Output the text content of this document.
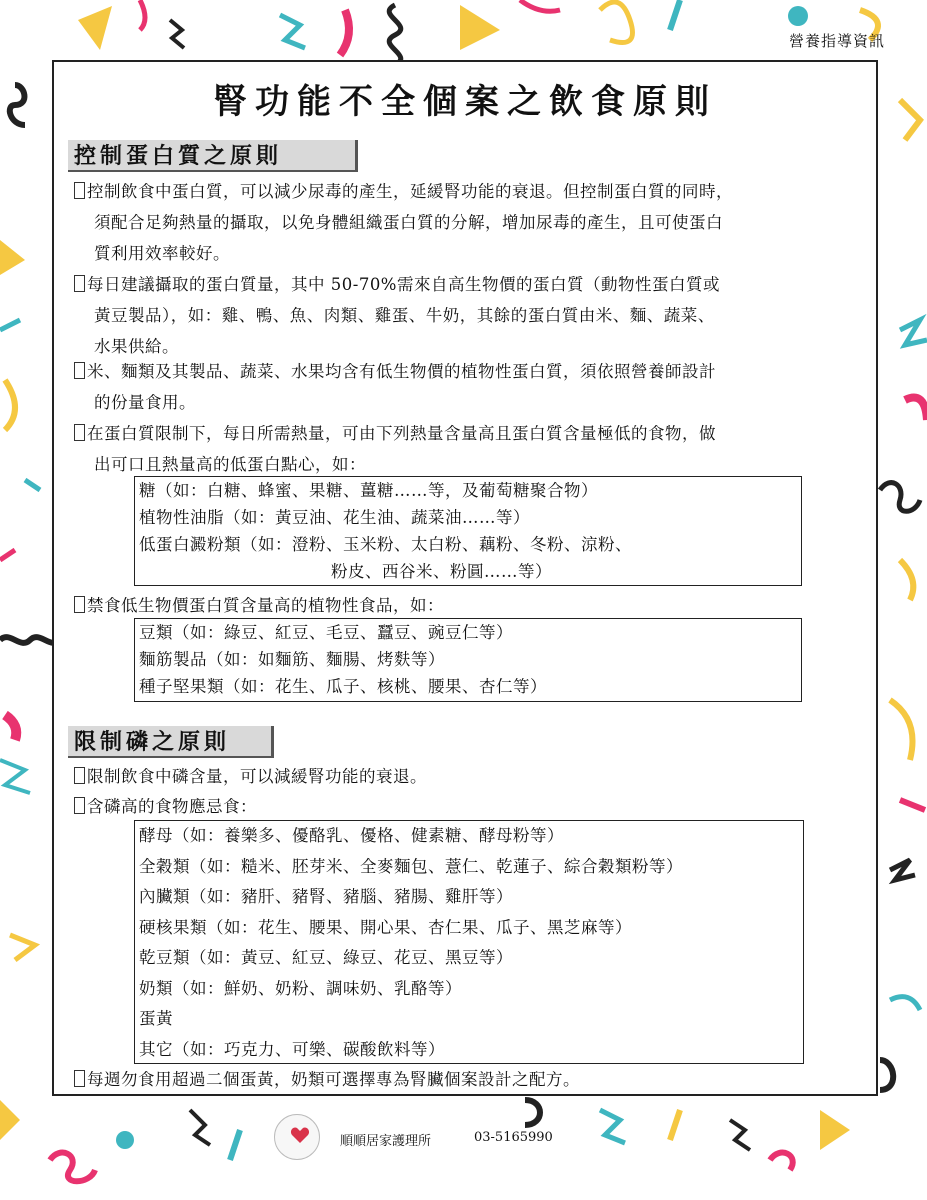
營養指導資訊
腎功能不全個案之飲食原則
控制蛋白質之原則
控制飲食中蛋白質，可以減少尿毒的產生，延緩腎功能的衰退。但控制蛋白質的同時，
須配合足夠熱量的攝取，以免身體組織蛋白質的分解，增加尿毒的產生，且可使蛋白
質利用效率較好。
每日建議攝取的蛋白質量，其中 50-70%需來自高生物價的蛋白質（動物性蛋白質或
黃豆製品），如：雞、鴨、魚、肉類、雞蛋、牛奶，其餘的蛋白質由米、麵、蔬菜、
水果供給。
米、麵類及其製品、蔬菜、水果均含有低生物價的植物性蛋白質，須依照營養師設計
的份量食用。
在蛋白質限制下，每日所需熱量，可由下列熱量含量高且蛋白質含量極低的食物，做
出可口且熱量高的低蛋白點心，如：
糖（如：白糖、蜂蜜、果糖、薑糖……等，及葡萄糖聚合物）
植物性油脂（如：黃豆油、花生油、蔬菜油……等）
低蛋白澱粉類（如：澄粉、玉米粉、太白粉、藕粉、冬粉、涼粉、
粉皮、西谷米、粉圓……等）
禁食低生物價蛋白質含量高的植物性食品，如：
豆類（如：綠豆、紅豆、毛豆、蠶豆、豌豆仁等）
麵筋製品（如：如麵筋、麵腸、烤麩等）
種子堅果類（如：花生、瓜子、核桃、腰果、杏仁等）
限制磷之原則
限制飲食中磷含量，可以減緩腎功能的衰退。
含磷高的食物應忌食：
酵母（如：養樂多、優酪乳、優格、健素糖、酵母粉等）
全穀類（如：糙米、胚芽米、全麥麵包、薏仁、乾蓮子、綜合穀類粉等）
內臟類（如：豬肝、豬腎、豬腦、豬腸、雞肝等）
硬核果類（如：花生、腰果、開心果、杏仁果、瓜子、黑芝麻等）
乾豆類（如：黃豆、紅豆、綠豆、花豆、黑豆等）
奶類（如：鮮奶、奶粉、調味奶、乳酪等）
蛋黃
其它（如：巧克力、可樂、碳酸飲料等）
每週勿食用超過二個蛋黃，奶類可選擇專為腎臟個案設計之配方。
順順居家護理所	03-5165990
